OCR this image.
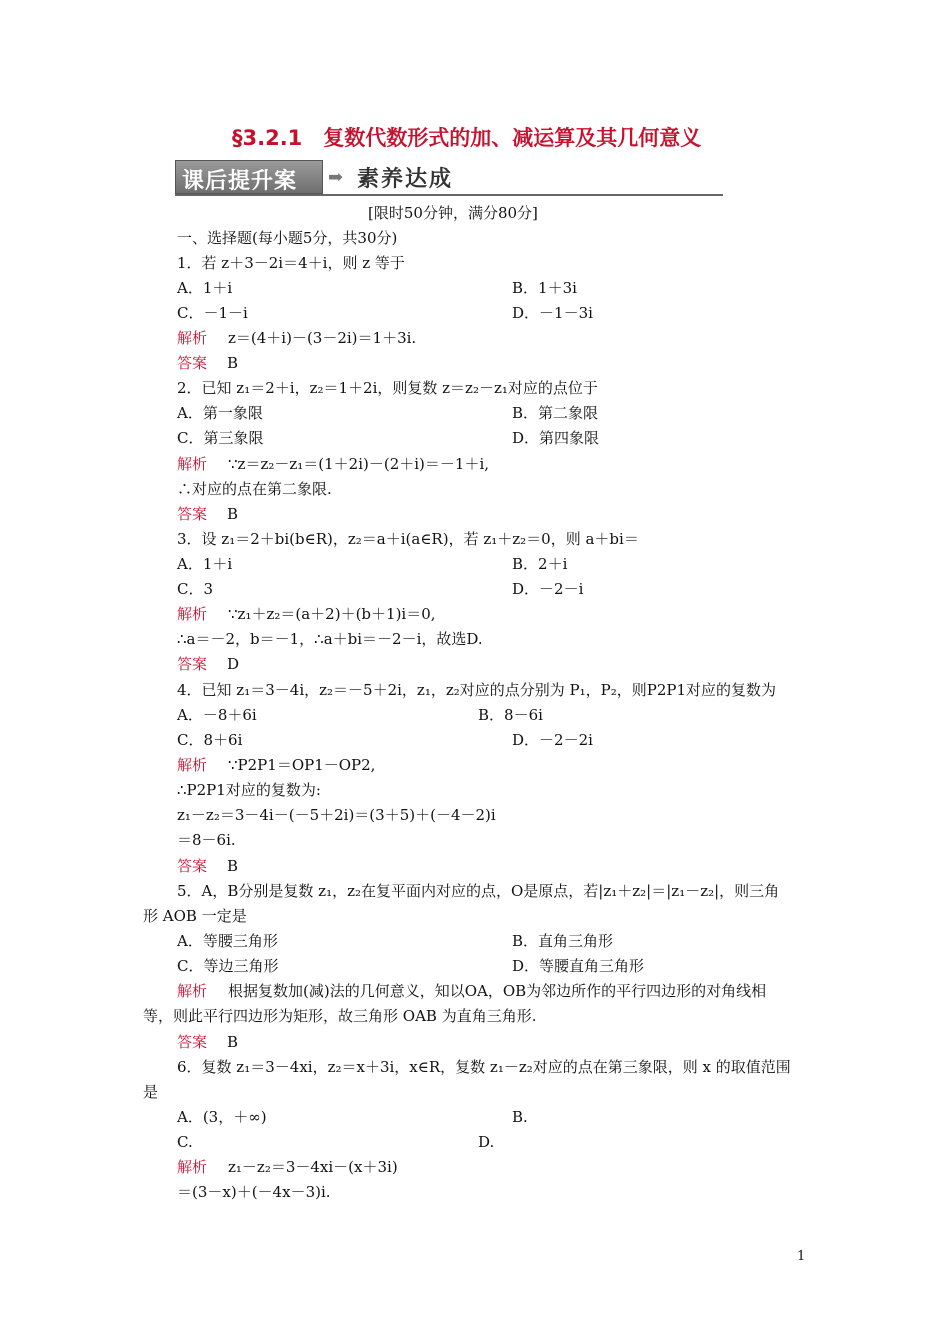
§3.2.1　复数代数形式的加、减运算及其几何意义
课后提升案 ➡ 素养达成
[限时50分钟，满分80分]
一、选择题(每小题5分，共30分)
1．若 z＋3－2i＝4＋i，则 z 等于
A．1＋i	B．1＋3i
C．－1－i	D．－1－3i
解析 z＝(4＋i)－(3－2i)＝1＋3i.
答案 B
2．已知 z₁＝2＋i，z₂＝1＋2i，则复数 z＝z₂－z₁对应的点位于
A．第一象限	B．第二象限
C．第三象限	D．第四象限
解析 ∵z＝z₂－z₁＝(1＋2i)－(2＋i)＝－1＋i,
∴对应的点在第二象限.
答案 B
3．设 z₁＝2＋bi(b∈R)，z₂＝a＋i(a∈R)，若 z₁＋z₂＝0，则 a＋bi＝
A．1＋i	B．2＋i
C．3	D．－2－i
解析 ∵z₁＋z₂＝(a＋2)＋(b＋1)i＝0,
∴a＝－2，b＝－1，∴a＋bi＝－2－i，故选D.
答案 D
4．已知 z₁＝3－4i，z₂＝－5＋2i，z₁，z₂对应的点分别为 P₁，P₂，则P2P1对应的复数为
A．－8＋6i	B．8－6i
C．8＋6i	D．－2－2i
解析 ∵P2P1＝OP1－OP2,
∴P2P1对应的复数为:
z₁－z₂＝3－4i－(－5＋2i)＝(3＋5)＋(－4－2)i
＝8－6i.
答案 B
5．A，B分别是复数 z₁，z₂在复平面内对应的点，O是原点，若|z₁＋z₂|＝|z₁－z₂|，则三角
形 AOB 一定是
A．等腰三角形	B．直角三角形
C．等边三角形	D．等腰直角三角形
解析 根据复数加(减)法的几何意义，知以OA，OB为邻边所作的平行四边形的对角线相
等，则此平行四边形为矩形，故三角形 OAB 为直角三角形.
答案 B
6．复数 z₁＝3－4xi，z₂＝x＋3i，x∈R，复数 z₁－z₂对应的点在第三象限，则 x 的取值范围
是
A．(3，＋∞)	B.
C.	D.
解析 z₁－z₂＝3－4xi－(x＋3i)
＝(3－x)＋(－4x－3)i.
1
